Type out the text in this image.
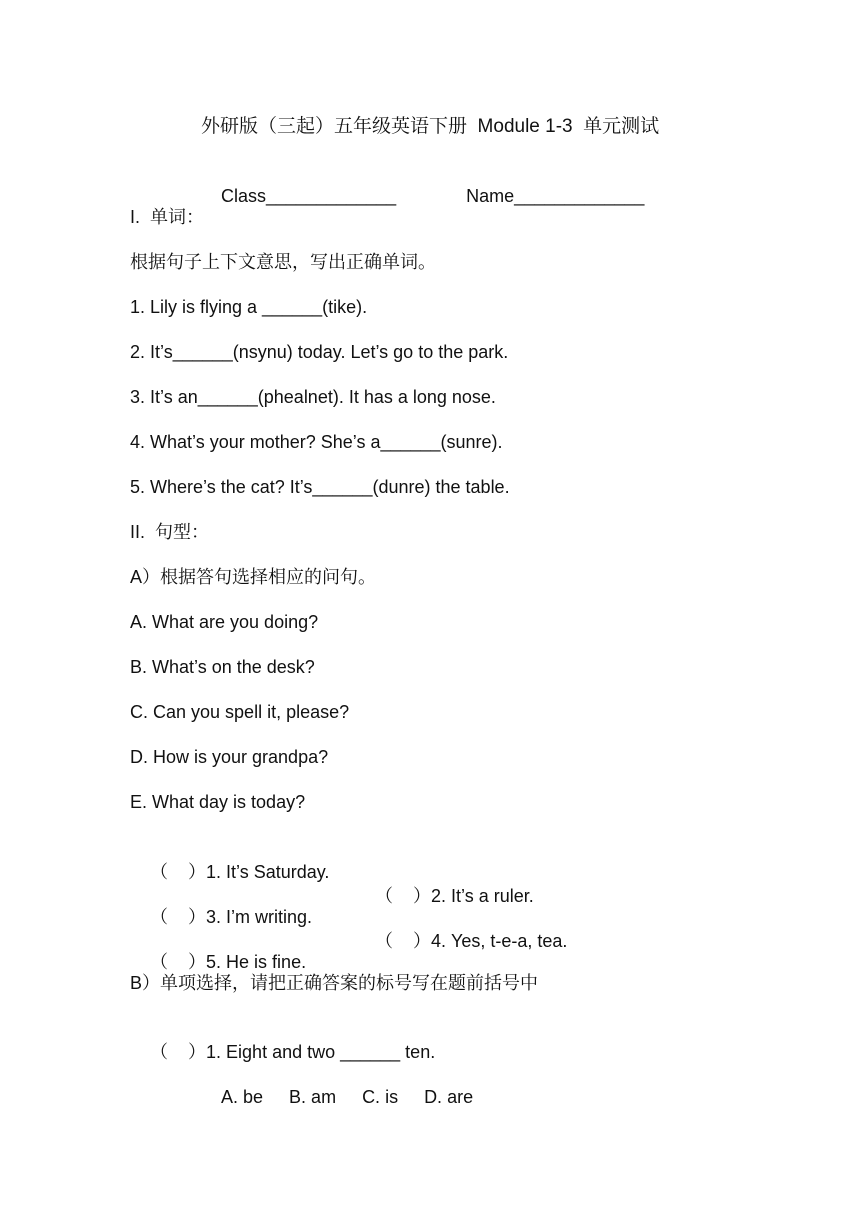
外研版（三起）五年级英语下册  Module 1-3  单元测试

Class_____________	Name_____________

I.  单词：
根据句子上下文意思，写出正确单词。
1. Lily is flying a ______(tike).
2. It’s______(nsynu) today. Let’s go to the park.
3. It’s an______(phealnet). It has a long nose.
4. What’s your mother? She’s a______(sunre).
5. Where’s the cat? It’s______(dunre) the table.
II.  句型：
A）根据答句选择相应的问句。
A. What are you doing?
B. What’s on the desk?
C. Can you spell it, please?
D. How is your grandpa?
E. What day is today?

（    ）1. It’s Saturday.

（    ）2. It’s a ruler.

（    ）3. I’m writing.

（    ）4. Yes, t-e-a, tea.

（    ）5. He is fine.

B）单项选择，请把正确答案的标号写在题前括号中

（    ）1. Eight and two ______ ten.

A. be B. am C. is D. are
